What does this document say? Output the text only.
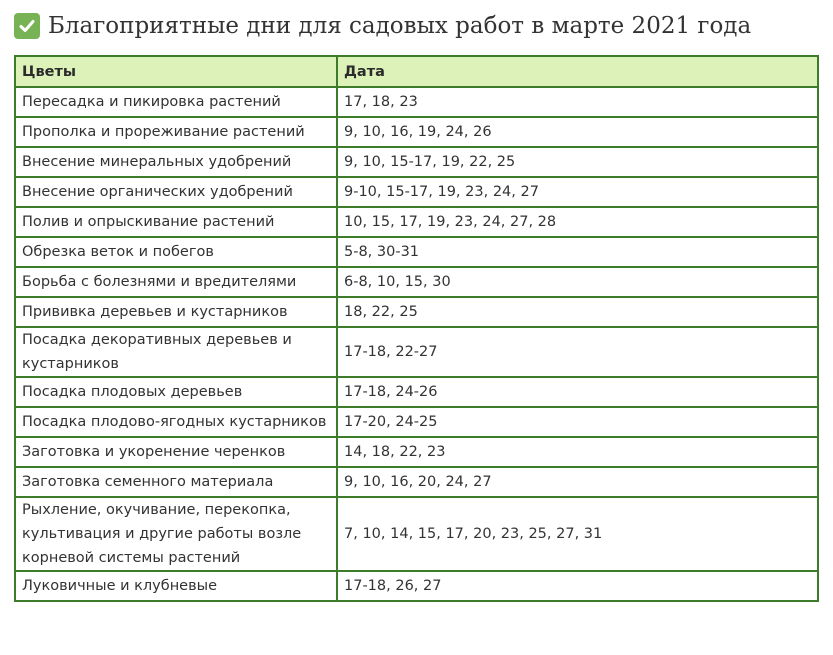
Благоприятные дни для садовых работ в марте 2021 года
Цветы	Дата
Пересадка и пикировка растений	17, 18, 23
Прополка и прореживание растений	9, 10, 16, 19, 24, 26
Внесение минеральных удобрений	9, 10, 15-17, 19, 22, 25
Внесение органических удобрений	9-10, 15-17, 19, 23, 24, 27
Полив и опрыскивание растений	10, 15, 17, 19, 23, 24, 27, 28
Обрезка веток и побегов	5-8, 30-31
Борьба с болезнями и вредителями	6-8, 10, 15, 30
Прививка деревьев и кустарников	18, 22, 25
Посадка декоративных деревьев и кустарников	17-18, 22-27
Посадка плодовых деревьев	17-18, 24-26
Посадка плодово-ягодных кустарников	17-20, 24-25
Заготовка и укоренение черенков	14, 18, 22, 23
Заготовка семенного материала	9, 10, 16, 20, 24, 27
Рыхление, окучивание, перекопка, культивация и другие работы возле корневой системы растений	7, 10, 14, 15, 17, 20, 23, 25, 27, 31
Луковичные и клубневые	17-18, 26, 27
